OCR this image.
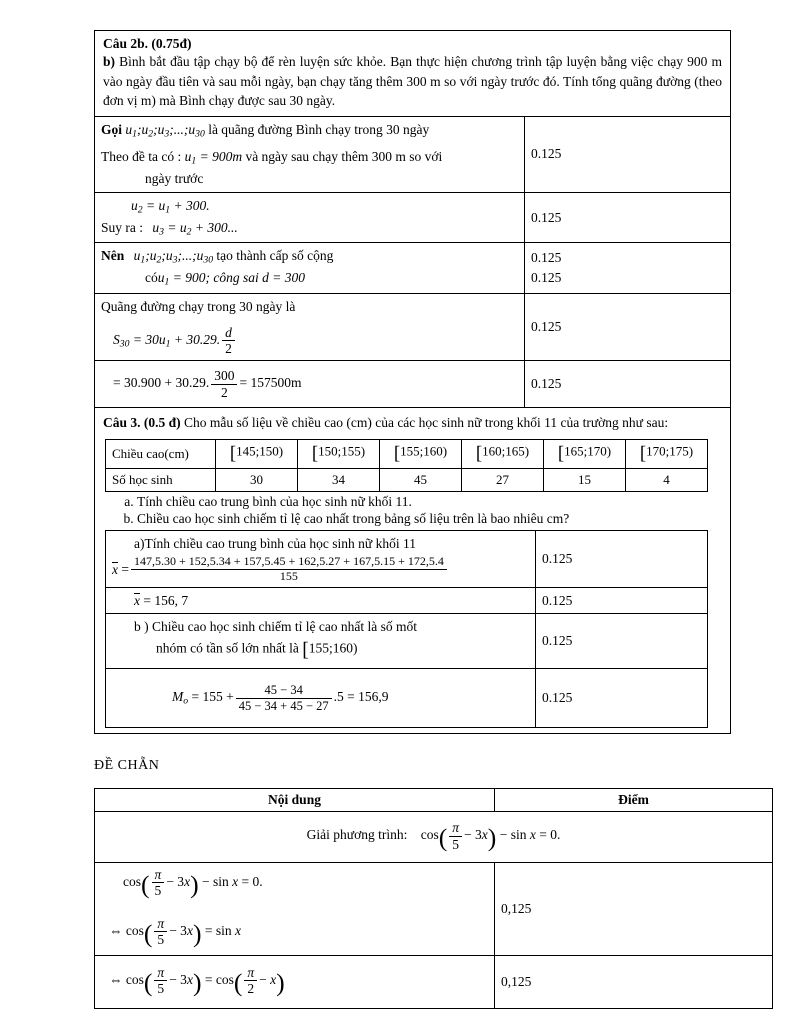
Câu 2b. (0.75đ)
b) Bình bắt đầu tập chạy bộ để rèn luyện sức khỏe. Bạn thực hiện chương trình tập luyện bằng việc chạy 900 m vào ngày đầu tiên và sau mỗi ngày, bạn chạy tăng thêm 300 m so với ngày trước đó. Tính tổng quãng đường (theo đơn vị m) mà Bình chạy được sau 30 ngày.

Gọi $u_1;u_2;u_3;...;u_{30}$ là quãng đường Bình chạy trong 30 ngày
Theo đề ta có : $u_1 = 900m$ và ngày sau chạy thêm 300 m so với
ngày trước
	0.125

$u_2 = u_1 + 300$.
Suy ra : $u_3 = u_2 + 300$...
	0.125

Nên $u_1;u_2;u_3;...;u_{30}$ tạo thành cấp số cộng
cóu$_1$ = 900; công sai d = 300

0.125
0.125

Quãng đường chạy trong 30 ngày là
$S_{30} = 30u_1 + 30.29$. $\frac{d}{2}$	0.125

= 30.900 + 30.29. $\frac{300}{2} = 157500m$	0.125

Câu 3. (0.5 đ) Cho mẫu số liệu về chiều cao (cm) của các học sinh nữ trong khối 11 của trường như sau:
Chiều cao(cm)	[145;150)	[150;155)	[155;160)	[160;165)	[165;170)	[170;175)
Số học sinh	30	34	45	27	15	4
a. Tính chiều cao trung bình của học sinh nữ khối 11.
b. Chiều cao học sinh chiếm tỉ lệ cao nhất trong bảng số liệu trên là bao nhiêu cm?
a)Tính chiều cao trung bình của học sinh nữ khối 11
x =
147,5.30 + 152,5.34 + 157,5.45 + 162,5.27 + 167,5.15 + 172,5.4
155
	0.125

x = 156, 7	0.125

b ) Chiều cao học sinh chiếm tỉ lệ cao nhất là số mốt
nhóm có tần số lớn nhất là [155;160)	0.125

$M_o = 155 + \frac{45 - 34}{45 - 34 + 45 - 27} .5 = 156,9$	0.125
ĐỀ CHẴN
Nội dung	Điểm
Giải phương trình: $\cos( \frac{\pi}{5} - 3x) - \sin x = 0$.	

$\cos( \frac{\pi}{5} - 3x) - \sin x = 0$.
⇔ $\cos( \frac{\pi}{5} - 3x) = \sin x$
	0,125

⇔ $\cos( \frac{\pi}{5} - 3x) = \cos( \frac{\pi}{2} - x)$	0,125
